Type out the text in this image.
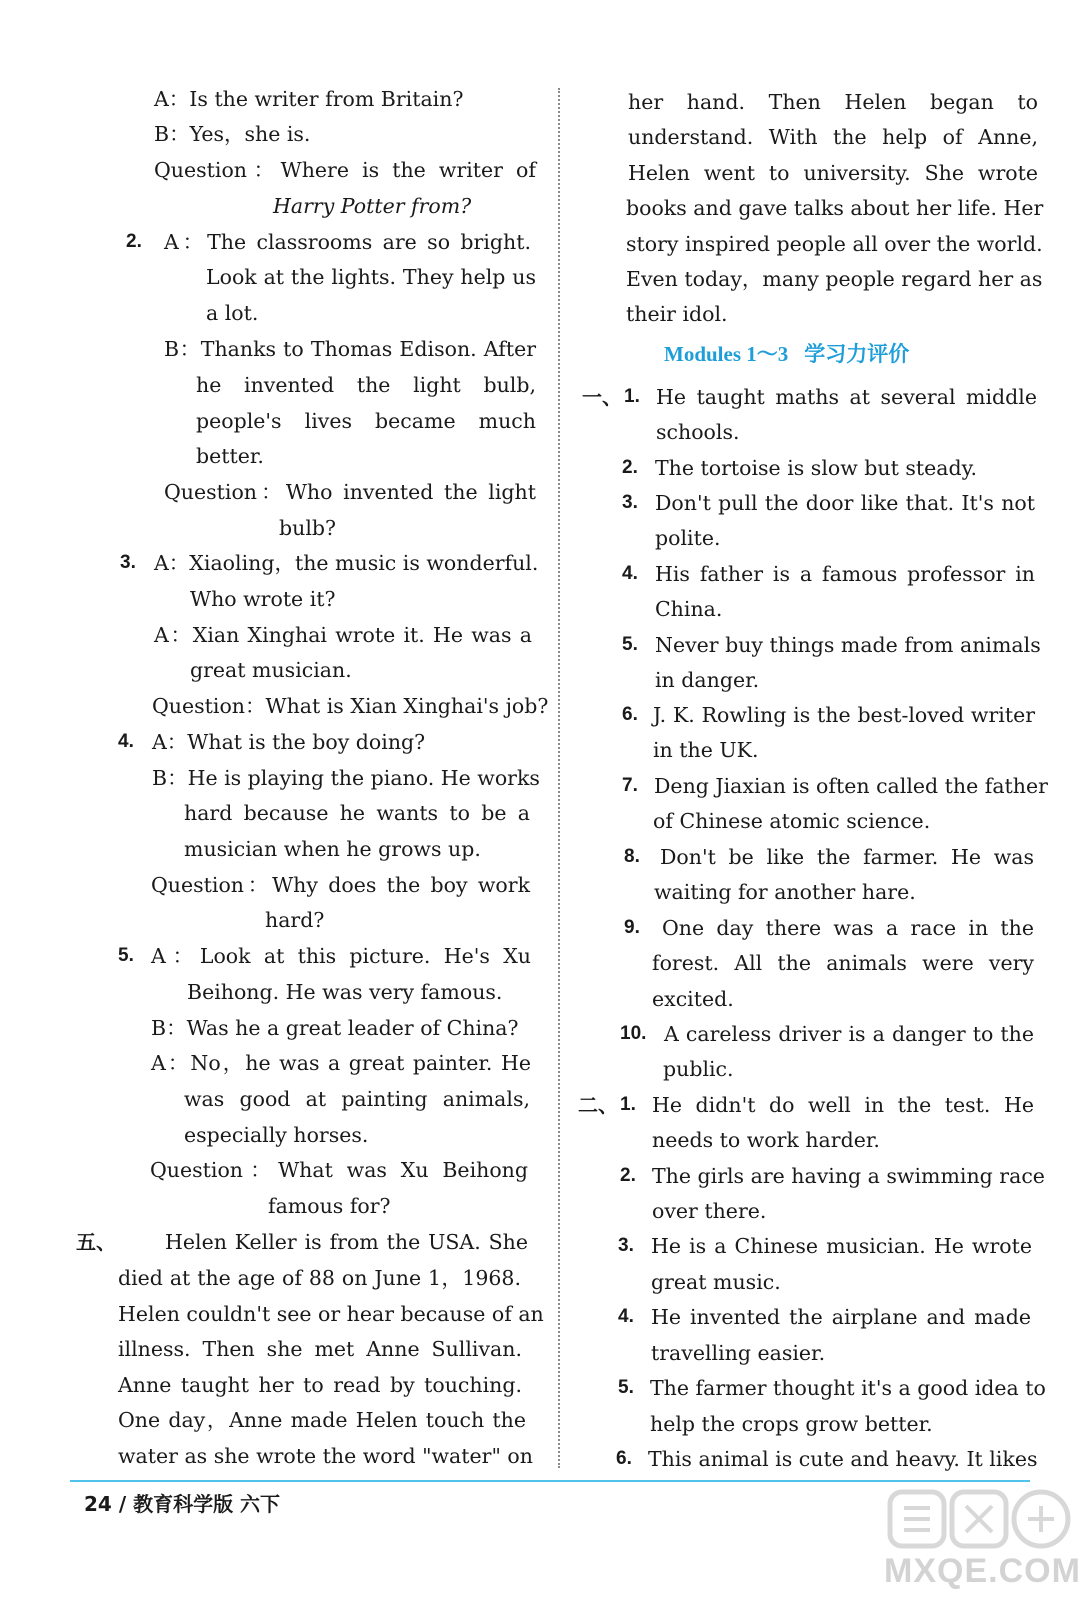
A：Is the writer from Britain?
B：Yes，she is.
Question：Where is the writer of
Harry Potter from?
2. A：The classrooms are so bright.
Look at the lights. They help us
a lot.
B：Thanks to Thomas Edison. After
he invented the light bulb,
people's lives became much
better.
Question：Who invented the light
bulb?
3. A：Xiaoling，the music is wonderful.
Who wrote it?
A：Xian Xinghai wrote it. He was a
great musician.
Question：What is Xian Xinghai's job?
4. A：What is the boy doing?
B：He is playing the piano. He works
hard because he wants to be a
musician when he grows up.
Question：Why does the boy work
hard?
5. A：Look at this picture. He's Xu
Beihong. He was very famous.
B：Was he a great leader of China?
A：No，he was a great painter. He
was good at painting animals,
especially horses.
Question：What was Xu Beihong
famous for?
五、 Helen Keller is from the USA. She
died at the age of 88 on June 1，1968.
Helen couldn't see or hear because of an
illness. Then she met Anne Sullivan.
Anne taught her to read by touching.
One day，Anne made Helen touch the
water as she wrote the word "water" on
her hand. Then Helen began to
understand. With the help of Anne,
Helen went to university. She wrote
books and gave talks about her life. Her
story inspired people all over the world.
Even today，many people regard her as
their idol.
Modules 1～3 学习力评价
一、 1. He taught maths at several middle
schools.
2. The tortoise is slow but steady.
3. Don't pull the door like that. It's not
polite.
4. His father is a famous professor in
China.
5. Never buy things made from animals
in danger.
6. J. K. Rowling is the best-loved writer
in the UK.
7. Deng Jiaxian is often called the father
of Chinese atomic science.
8. Don't be like the farmer. He was
waiting for another hare.
9. One day there was a race in the
forest. All the animals were very
excited.
10. A careless driver is a danger to the
public.
二、 1. He didn't do well in the test. He
needs to work harder.
2. The girls are having a swimming race
over there.
3. He is a Chinese musician. He wrote
great music.
4. He invented the airplane and made
travelling easier.
5. The farmer thought it's a good idea to
help the crops grow better.
6. This animal is cute and heavy. It likes
24 / 教育科学版 六下
MXQE.COM
